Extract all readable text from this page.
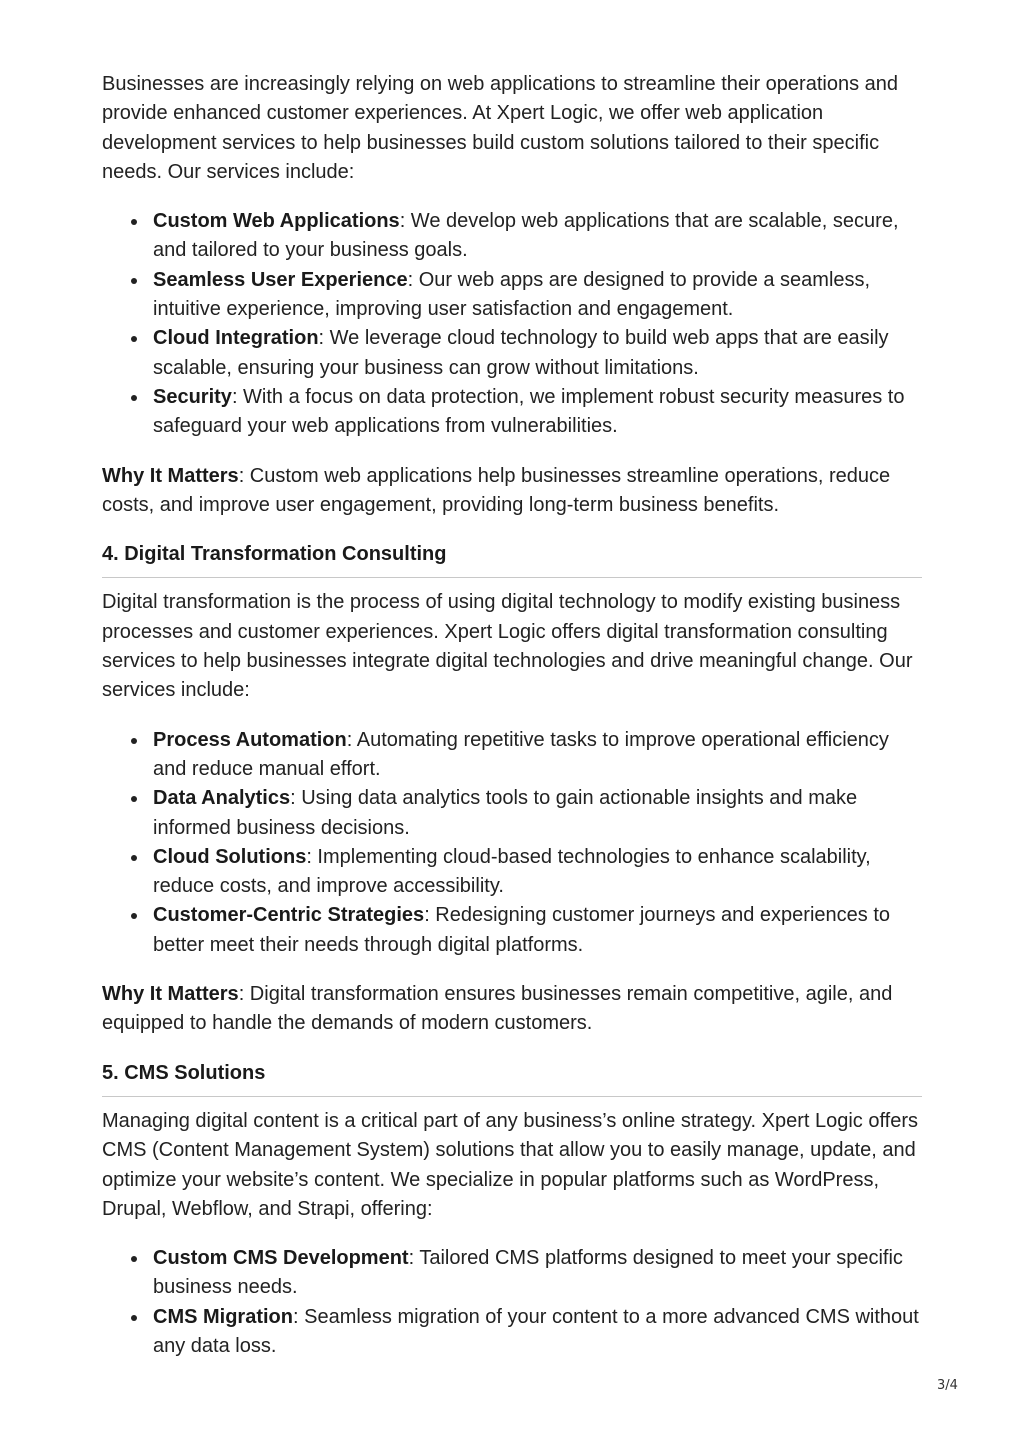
Businesses are increasingly relying on web applications to streamline their operations and provide enhanced customer experiences. At Xpert Logic, we offer web application development services to help businesses build custom solutions tailored to their specific needs. Our services include:

Custom Web Applications: We develop web applications that are scalable, secure, and tailored to your business goals.
Seamless User Experience: Our web apps are designed to provide a seamless, intuitive experience, improving user satisfaction and engagement.
Cloud Integration: We leverage cloud technology to build web apps that are easily scalable, ensuring your business can grow without limitations.
Security: With a focus on data protection, we implement robust security measures to safeguard your web applications from vulnerabilities.

Why It Matters: Custom web applications help businesses streamline operations, reduce costs, and improve user engagement, providing long-term business benefits.

4. Digital Transformation Consulting

Digital transformation is the process of using digital technology to modify existing business processes and customer experiences. Xpert Logic offers digital transformation consulting services to help businesses integrate digital technologies and drive meaningful change. Our services include:

Process Automation: Automating repetitive tasks to improve operational efficiency and reduce manual effort.
Data Analytics: Using data analytics tools to gain actionable insights and make informed business decisions.
Cloud Solutions: Implementing cloud-based technologies to enhance scalability, reduce costs, and improve accessibility.
Customer-Centric Strategies: Redesigning customer journeys and experiences to better meet their needs through digital platforms.

Why It Matters: Digital transformation ensures businesses remain competitive, agile, and equipped to handle the demands of modern customers.

5. CMS Solutions

Managing digital content is a critical part of any business’s online strategy. Xpert Logic offers CMS (Content Management System) solutions that allow you to easily manage, update, and optimize your website’s content. We specialize in popular platforms such as WordPress, Drupal, Webflow, and Strapi, offering:

Custom CMS Development: Tailored CMS platforms designed to meet your specific business needs.
CMS Migration: Seamless migration of your content to a more advanced CMS without any data loss.
3/4
